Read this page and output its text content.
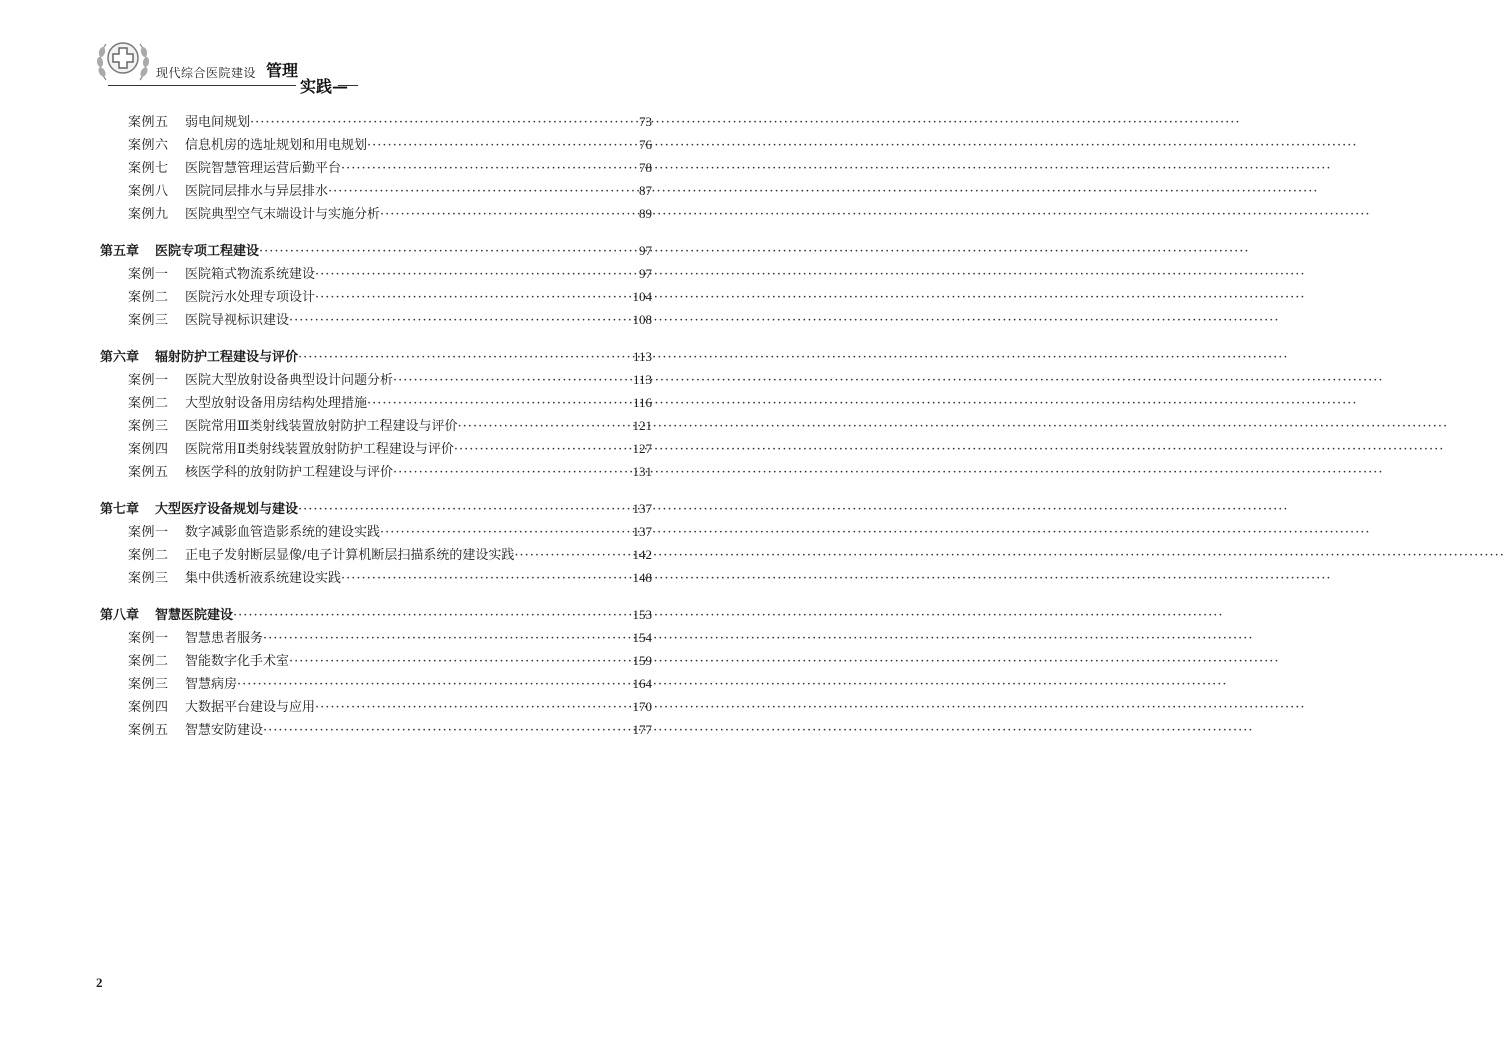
现代综合医院建设 管理
实践—
案例五	弱电间规划 ·····	73
案例六	信息机房的选址规划和用电规划 ·····	76
案例七	医院智慧管理运营后勤平台 ·····	78
案例八	医院同层排水与异层排水 ·····	87
案例九	医院典型空气末端设计与实施分析 ·····	89
第五章	医院专项工程建设 ·····	97
案例一	医院箱式物流系统建设 ·····	97
案例二	医院污水处理专项设计 ·····	104
案例三	医院导视标识建设 ·····	108
第六章	辐射防护工程建设与评价 ·····	113
案例一	医院大型放射设备典型设计问题分析 ·····	113
案例二	大型放射设备用房结构处理措施 ·····	116
案例三	医院常用Ⅲ类射线装置放射防护工程建设与评价 ·····	121
案例四	医院常用Ⅱ类射线装置放射防护工程建设与评价 ·····	127
案例五	核医学科的放射防护工程建设与评价 ·····	131
第七章	大型医疗设备规划与建设 ·····	137
案例一	数字减影血管造影系统的建设实践 ·····	137
案例二	正电子发射断层显像/电子计算机断层扫描系统的建设实践 ·····	142
案例三	集中供透析液系统建设实践 ·····	148
第八章	智慧医院建设 ·····	153
案例一	智慧患者服务 ·····	154
案例二	智能数字化手术室 ·····	159
案例三	智慧病房 ·····	164
案例四	大数据平台建设与应用 ·····	170
案例五	智慧安防建设 ·····	177
2
